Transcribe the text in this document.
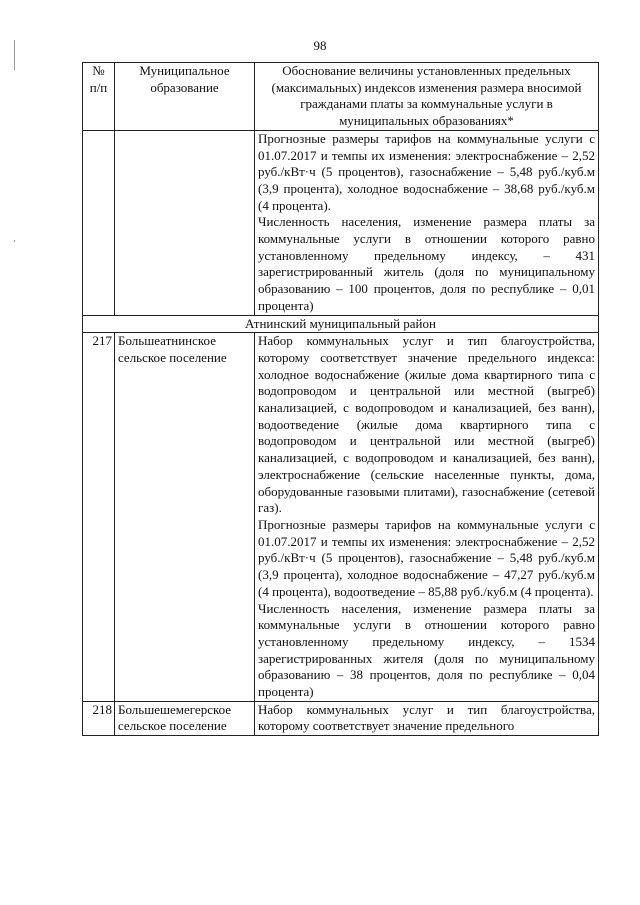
98
№ п/п	Муниципальное образование	Обоснование величины установленных предельных (максимальных) индексов изменения размера вносимой гражданами платы за коммунальные услуги в муниципальных образованиях*

		Прогнозные размеры тарифов на коммунальные услуги с 01.07.2017 и темпы их изменения: электроснабжение – 2,52 руб./кВт·ч (5 процентов), газоснабжение – 5,48 руб./куб.м (3,9 процента), холодное водоснабжение – 38,68 руб./куб.м (4 процента).

Численность населения, изменение размера платы за коммунальные услуги в отношении которого равно установленному предельному индексу, – 431 зарегистрированный житель (доля по муниципальному образованию – 100 процентов, доля по республике – 0,01 процента)

Атнинский муниципальный район		
217	Большеатнинское сельское поселение	Набор коммунальных услуг и тип благоустройства, которому соответствует значение предельного индекса: холодное водоснабжение (жилые дома квартирного типа с водопроводом и центральной или местной (выгреб) канализацией, с водопроводом и канализацией, без ванн), водоотведение (жилые дома квартирного типа с водопроводом и центральной или местной (выгреб) канализацией, с водопроводом и канализацией, без ванн), электроснабжение (сельские населенные пункты, дома, оборудованные газовыми плитами), газоснабжение (сетевой газ).

Прогнозные размеры тарифов на коммунальные услуги с 01.07.2017 и темпы их изменения: электроснабжение – 2,52 руб./кВт·ч (5 процентов), газоснабжение – 5,48 руб./куб.м (3,9 процента), холодное водоснабжение – 47,27 руб./куб.м (4 процента), водоотведение – 85,88 руб./куб.м (4 процента).

Численность населения, изменение размера платы за коммунальные услуги в отношении которого равно установленному предельному индексу, – 1534 зарегистрированных жителя (доля по муниципальному образованию – 38 процентов, доля по республике – 0,04 процента)

218	Большешемегерское сельское поселение	Набор коммунальных услуг и тип благоустройства, которому соответствует значение предельного
